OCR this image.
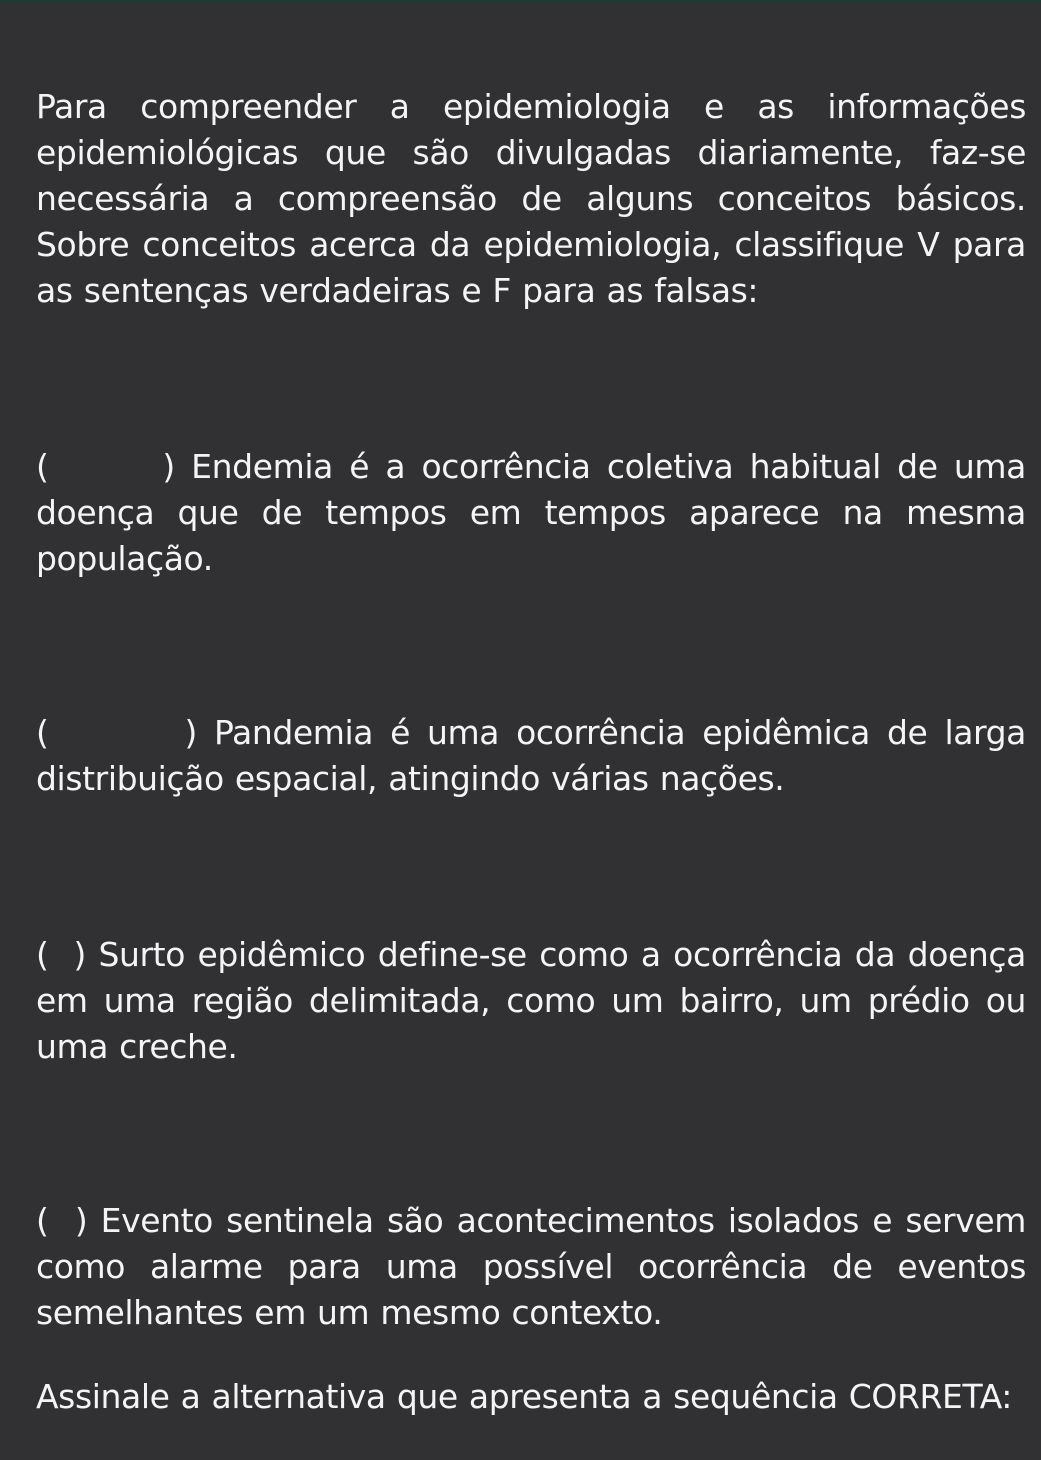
Para compreender a epidemiologia e as informações epidemiológicas que são divulgadas diariamente, faz-se necessária a compreensão de alguns conceitos básicos. Sobre conceitos acerca da epidemiologia, classifique V para as sentenças verdadeiras e F para as falsas:

(       ) Endemia é a ocorrência coletiva habitual de uma doença que de tempos em tempos aparece na mesma população.

(        ) Pandemia é uma ocorrência epidêmica de larga distribuição espacial, atingindo várias nações.

(  ) Surto epidêmico define-se como a ocorrência da doença em uma região delimitada, como um bairro, um prédio ou uma creche.

(  ) Evento sentinela são acontecimentos isolados e servem como alarme para uma possível ocorrência de eventos semelhantes em um mesmo contexto.

Assinale a alternativa que apresenta a sequência CORRETA:
